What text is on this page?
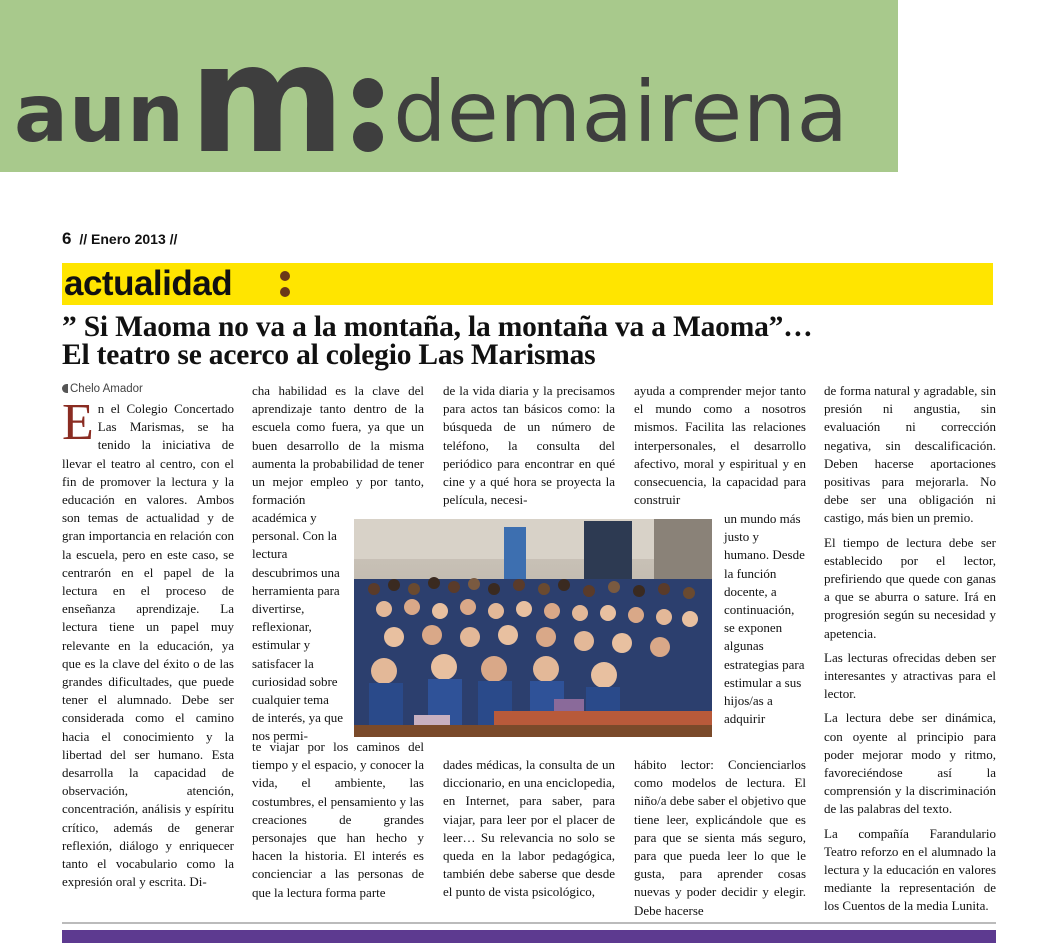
aun m demairena
6 // Enero 2013 //
actualidad
” Si Maoma no va a la montaña, la montaña va a Maoma”…
El teatro se acerco al colegio Las Marismas
Chelo Amador

En el Colegio Concertado Las Marismas, se ha tenido la iniciativa de llevar el teatro al centro, con el fin de promover la lectura y la educación en valores. Ambos son temas de actualidad y de gran importancia en relación con la escuela, pero en este caso, se centrarón en el papel de la lectura en el proceso de enseñanza aprendizaje. La lectura tiene un papel muy relevante en la educación, ya que es la clave del éxito o de las grandes dificultades, que puede tener el alumnado. Debe ser considerada como el camino hacia el conocimiento y la libertad del ser humano. Esta desarrolla la capacidad de observación, atención, concentración, análisis y espíritu crítico, además de generar reflexión, diálogo y enriquecer tanto el vocabulario como la expresión oral y escrita. Di-

cha habilidad es la clave del aprendizaje tanto dentro de la escuela como fuera, ya que un buen desarrollo de la misma aumenta la probabilidad de tener un mejor empleo y por tanto, formación
académica y personal. Con la lectura descubrimos una herramienta para divertirse, reflexionar, estimular y satisfacer la curiosidad sobre cualquier tema de interés, ya que nos permi-
te viajar por los caminos del tiempo y el espacio, y conocer la vida, el ambiente, las costumbres, el pensamiento y las creaciones de grandes personajes que han hecho y hacen la historia. El interés es concienciar a las personas de que la lectura forma parte
de la vida diaria y la precisamos para actos tan básicos como: la búsqueda de un número de teléfono, la consulta del periódico para encontrar en qué cine y a qué hora se proyecta la película, necesi-
dades médicas, la consulta de un diccionario, en una enciclopedia, en Internet, para saber, para viajar, para leer por el placer de leer… Su relevancia no solo se queda en la labor pedagógica, también debe saberse que desde el punto de vista psicológico,
ayuda a comprender mejor tanto el mundo como a nosotros mismos. Facilita las relaciones interpersonales, el desarrollo afectivo, moral y espiritual y en consecuencia, la capacidad para construir
un mundo más justo y humano. Desde la función docente, a continuación, se exponen algunas estrategias para estimular a sus hijos/as a adquirir
hábito lector: Concienciarlos como modelos de lectura. El niño/a debe saber el objetivo que tiene leer, explicándole que es para que se sienta más seguro, para que pueda leer lo que le gusta, para aprender cosas nuevas y poder decidir y elegir. Debe hacerse

de forma natural y agradable, sin presión ni angustia, sin evaluación ni corrección negativa, sin descalificación. Deben hacerse aportaciones positivas para mejorarla. No debe ser una obligación ni castigo, más bien un premio.

El tiempo de lectura debe ser establecido por el lector, prefiriendo que quede con ganas a que se aburra o sature. Irá en progresión según su necesidad y apetencia.

Las lecturas ofrecidas deben ser interesantes y atractivas para el lector.

La lectura debe ser dinámica, con oyente al principio para poder mejorar modo y ritmo, favoreciéndose así la comprensión y la discriminación de las palabras del texto.

La compañía Farandulario Teatro reforzo en el alumnado la lectura y la educación en valores mediante la representación de los Cuentos de la media Lunita.
